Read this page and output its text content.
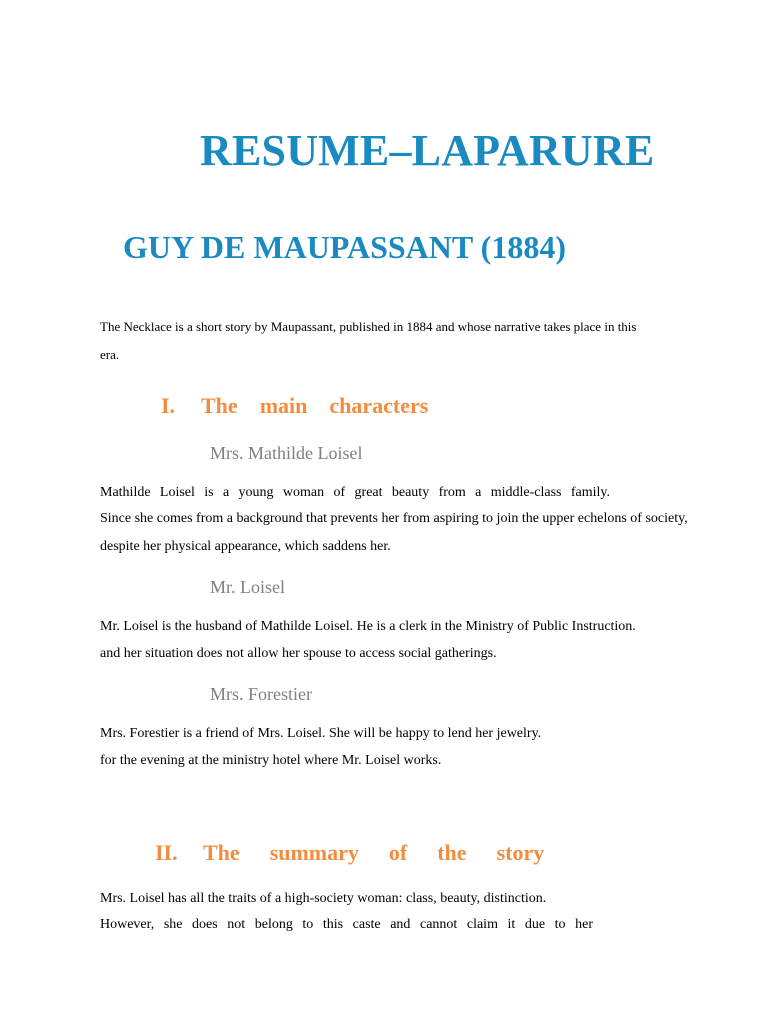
RESUME–LAPARURE
GUY DE MAUPASSANT (1884)
The Necklace is a short story by Maupassant, published in 1884 and whose narrative takes place in this
era.
I. The main characters
Mrs. Mathilde Loisel
Mathilde Loisel is a young woman of great beauty from a middle-class family.
Since she comes from a background that prevents her from aspiring to join the upper echelons of society,
despite her physical appearance, which saddens her.
Mr. Loisel
Mr. Loisel is the husband of Mathilde Loisel. He is a clerk in the Ministry of Public Instruction.
and her situation does not allow her spouse to access social gatherings.
Mrs. Forestier
Mrs. Forestier is a friend of Mrs. Loisel. She will be happy to lend her jewelry.
for the evening at the ministry hotel where Mr. Loisel works.
II. The summary of the story
Mrs. Loisel has all the traits of a high-society woman: class, beauty, distinction.
However, she does not belong to this caste and cannot claim it due to her
